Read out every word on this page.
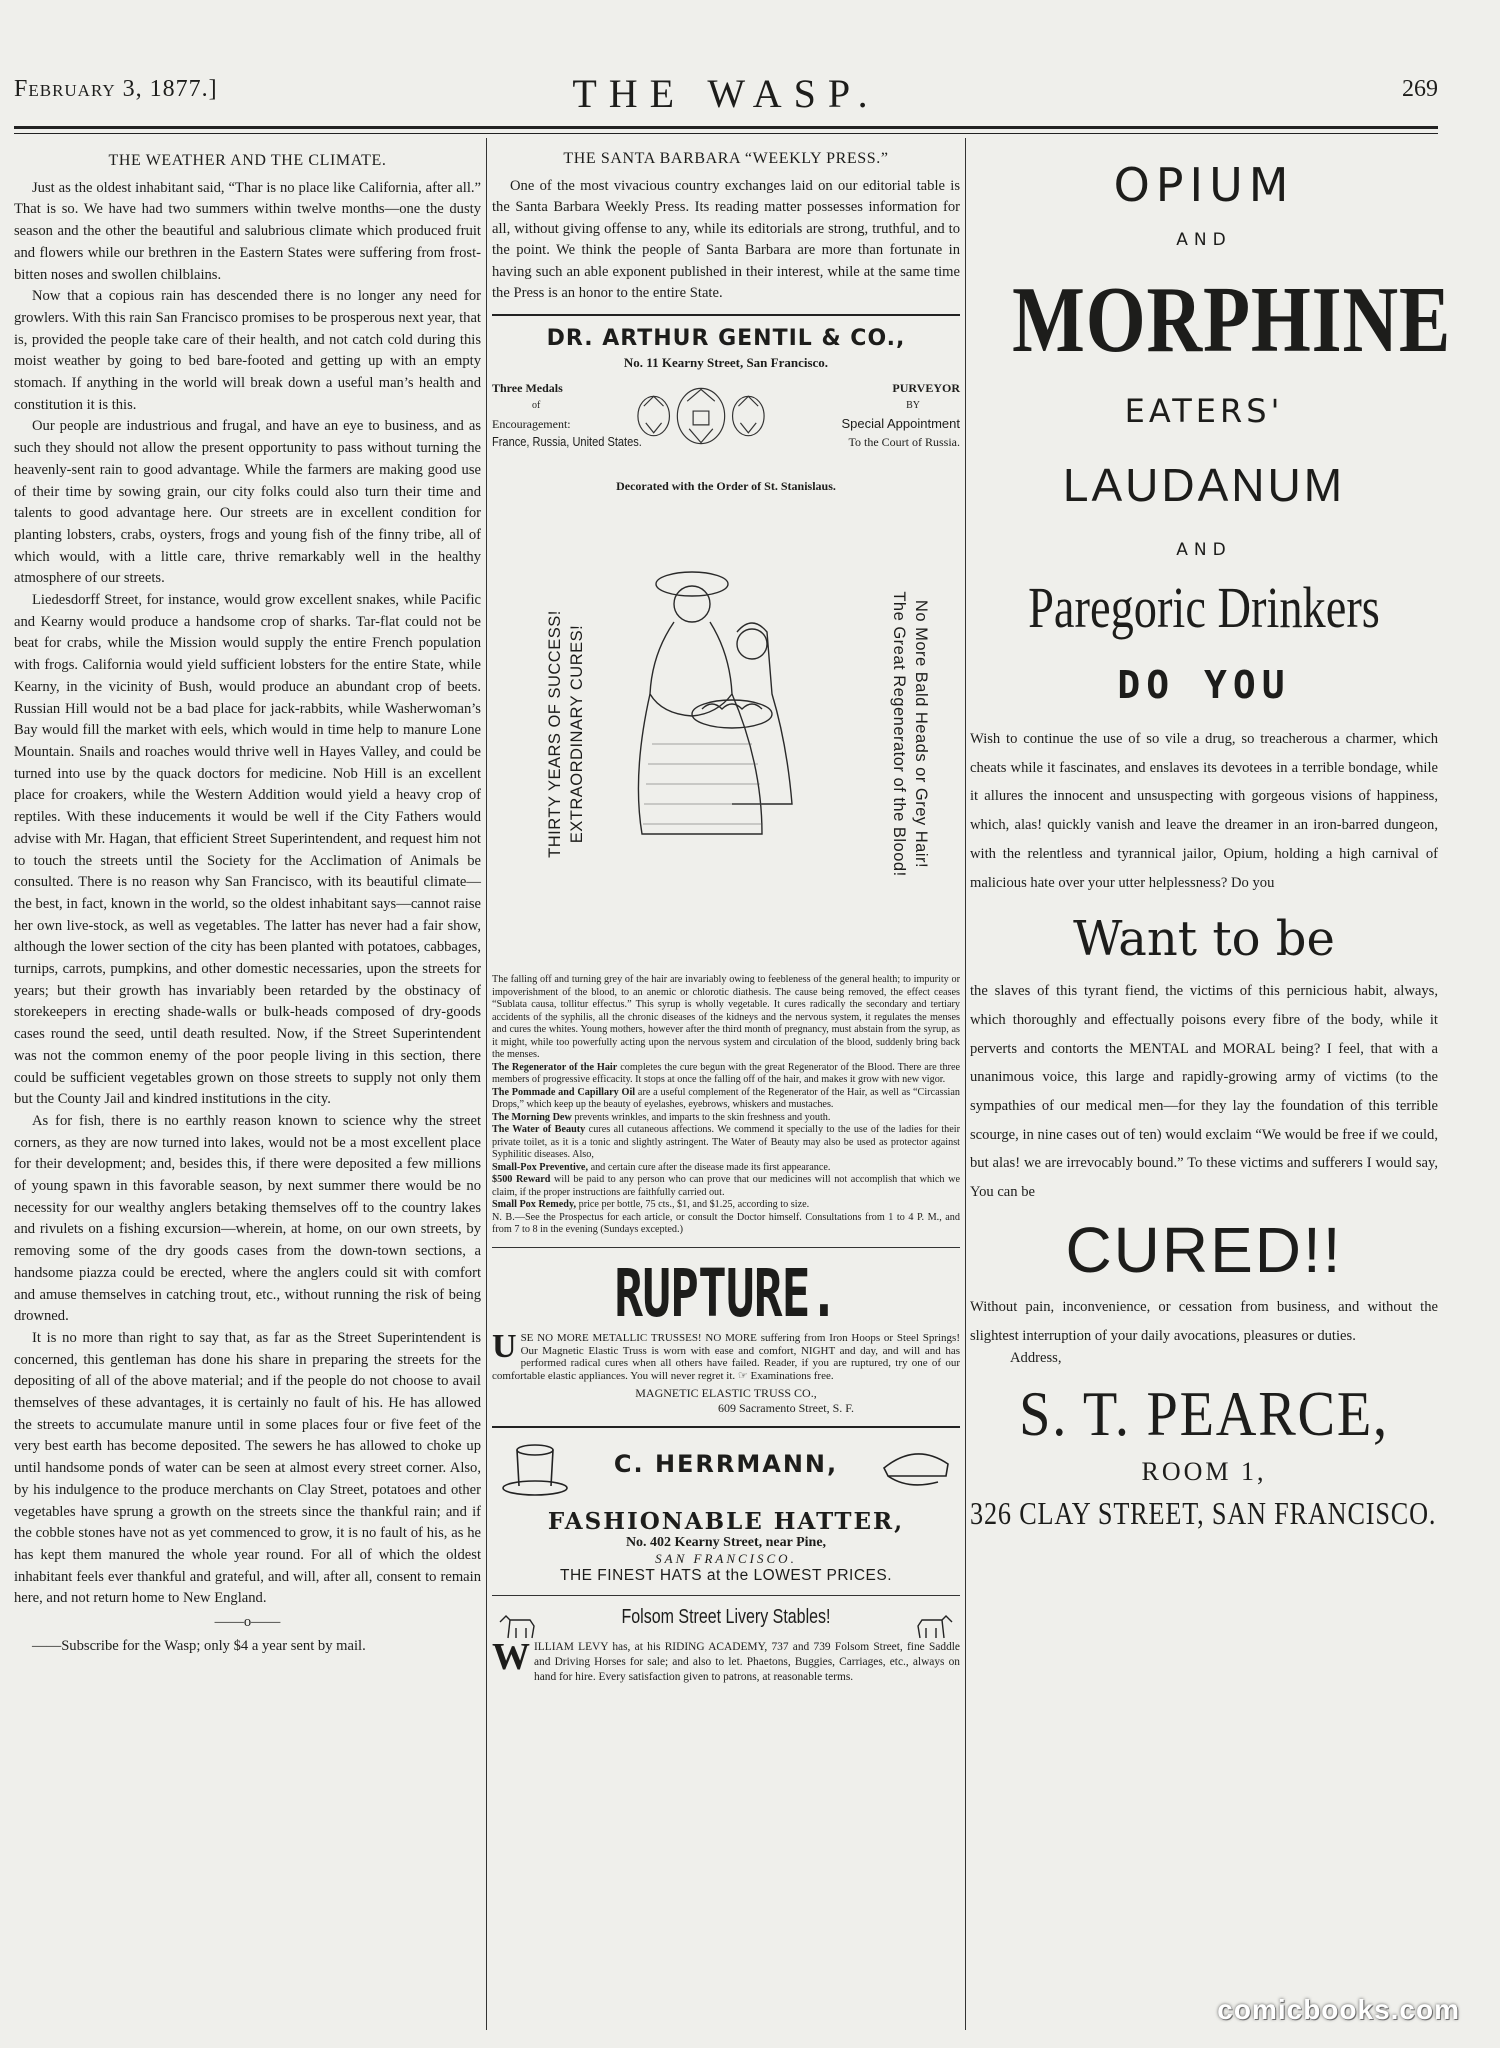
February 3, 1877.]	THE WASP.	269
THE WEATHER AND THE CLIMATE.

Just as the oldest inhabitant said, “Thar is no place like California, after all.” That is so. We have had two summers within twelve months—one the dusty season and the other the beautiful and salubrious climate which produced fruit and flowers while our brethren in the Eastern States were suffering from frost-bitten noses and swollen chilblains.

Now that a copious rain has descended there is no longer any need for growlers. With this rain San Francisco promises to be prosperous next year, that is, provided the people take care of their health, and not catch cold during this moist weather by going to bed bare-footed and getting up with an empty stomach. If anything in the world will break down a useful man’s health and constitution it is this.

Our people are industrious and frugal, and have an eye to business, and as such they should not allow the present opportunity to pass without turning the heavenly-sent rain to good advantage. While the farmers are making good use of their time by sowing grain, our city folks could also turn their time and talents to good advantage here. Our streets are in excellent condition for planting lobsters, crabs, oysters, frogs and young fish of the finny tribe, all of which would, with a little care, thrive remarkably well in the healthy atmosphere of our streets.

Liedesdorff Street, for instance, would grow excellent snakes, while Pacific and Kearny would produce a handsome crop of sharks. Tar-flat could not be beat for crabs, while the Mission would supply the entire French population with frogs. California would yield sufficient lobsters for the entire State, while Kearny, in the vicinity of Bush, would produce an abundant crop of beets. Russian Hill would not be a bad place for jack-rabbits, while Washerwoman’s Bay would fill the market with eels, which would in time help to manure Lone Mountain. Snails and roaches would thrive well in Hayes Valley, and could be turned into use by the quack doctors for medicine. Nob Hill is an excellent place for croakers, while the Western Addition would yield a heavy crop of reptiles. With these inducements it would be well if the City Fathers would advise with Mr. Hagan, that efficient Street Superintendent, and request him not to touch the streets until the Society for the Acclimation of Animals be consulted. There is no reason why San Francisco, with its beautiful climate—the best, in fact, known in the world, so the oldest inhabitant says—cannot raise her own live-stock, as well as vegetables. The latter has never had a fair show, although the lower section of the city has been planted with potatoes, cabbages, turnips, carrots, pumpkins, and other domestic necessaries, upon the streets for years; but their growth has invariably been retarded by the obstinacy of storekeepers in erecting shade-walls or bulk-heads composed of dry-goods cases round the seed, until death resulted. Now, if the Street Superintendent was not the common enemy of the poor people living in this section, there could be sufficient vegetables grown on those streets to supply not only them but the County Jail and kindred institutions in the city.

As for fish, there is no earthly reason known to science why the street corners, as they are now turned into lakes, would not be a most excellent place for their development; and, besides this, if there were deposited a few millions of young spawn in this favorable season, by next summer there would be no necessity for our wealthy anglers betaking themselves off to the country lakes and rivulets on a fishing excursion—wherein, at home, on our own streets, by removing some of the dry goods cases from the down-town sections, a handsome piazza could be erected, where the anglers could sit with comfort and amuse themselves in catching trout, etc., without running the risk of being drowned.

It is no more than right to say that, as far as the Street Superintendent is concerned, this gentleman has done his share in preparing the streets for the depositing of all of the above material; and if the people do not choose to avail themselves of these advantages, it is certainly no fault of his. He has allowed the streets to accumulate manure until in some places four or five feet of the very best earth has become deposited. The sewers he has allowed to choke up until handsome ponds of water can be seen at almost every street corner. Also, by his indulgence to the produce merchants on Clay Street, potatoes and other vegetables have sprung a growth on the streets since the thankful rain; and if the cobble stones have not as yet commenced to grow, it is no fault of his, as he has kept them manured the whole year round. For all of which the oldest inhabitant feels ever thankful and grateful, and will, after all, consent to remain here, and not return home to New England.

——o——

——Subscribe for the Wasp; only $4 a year sent by mail.

THE SANTA BARBARA “WEEKLY PRESS.”

One of the most vivacious country exchanges laid on our editorial table is the Santa Barbara Weekly Press. Its reading matter possesses information for all, without giving offense to any, while its editorials are strong, truthful, and to the point. We think the people of Santa Barbara are more than fortunate in having such an able exponent published in their interest, while at the same time the Press is an honor to the entire State.

DR. ARTHUR GENTIL & CO.,
No. 11 Kearny Street, San Francisco.
Three Medals
of
Encouragement:
France, Russia, United States.
PURVEYOR
BY
Special Appointment
To the Court of Russia.
Decorated with the Order of St. Stanislaus.
THIRTY YEARS OF SUCCESS! EXTRAORDINARY CURES!	No More Bald Heads or Grey Hair!
The Great Regenerator of the Blood!

The falling off and turning grey of the hair are invariably owing to feebleness of the general health; to impurity or impoverishment of the blood, to an anemic or chlorotic diathesis. The cause being removed, the effect ceases “Sublata causa, tollitur effectus.” This syrup is wholly vegetable. It cures radically the secondary and tertiary accidents of the syphilis, all the chronic diseases of the kidneys and the nervous system, it regulates the menses and cures the whites. Young mothers, however after the third month of pregnancy, must abstain from the syrup, as it might, while too powerfully acting upon the nervous system and circulation of the blood, suddenly bring back the menses.

The Regenerator of the Hair completes the cure begun with the great Regenerator of the Blood. There are three members of progressive efficacity. It stops at once the falling off of the hair, and makes it grow with new vigor.

The Pommade and Capillary Oil are a useful complement of the Regenerator of the Hair, as well as “Circassian Drops,” which keep up the beauty of eyelashes, eyebrows, whiskers and mustaches.

The Morning Dew prevents wrinkles, and imparts to the skin freshness and youth.

The Water of Beauty cures all cutaneous affections. We commend it specially to the use of the ladies for their private toilet, as it is a tonic and slightly astringent. The Water of Beauty may also be used as protector against Syphilitic diseases. Also,

Small-Pox Preventive, and certain cure after the disease made its first appearance.

$500 Reward will be paid to any person who can prove that our medicines will not accomplish that which we claim, if the proper instructions are faithfully carried out.

Small Pox Remedy, price per bottle, 75 cts., $1, and $1.25, according to size.

N. B.—See the Prospectus for each article, or consult the Doctor himself. Consultations from 1 to 4 P. M., and from 7 to 8 in the evening (Sundays excepted.)

RUPTURE.
USE NO MORE METALLIC TRUSSES! NO MORE suffering from Iron Hoops or Steel Springs! Our Magnetic Elastic Truss is worn with ease and comfort, NIGHT and day, and will and has performed radical cures when all others have failed. Reader, if you are ruptured, try one of our comfortable elastic appliances. You will never regret it. ☞ Examinations free.
MAGNETIC ELASTIC TRUSS CO.,
609 Sacramento Street, S. F.
C. HERRMANN,
FASHIONABLE HATTER,
No. 402 Kearny Street, near Pine,
SAN FRANCISCO.
THE FINEST HATS at the LOWEST PRICES.
Folsom Street Livery Stables!
WILLIAM LEVY has, at his RIDING ACADEMY, 737 and 739 Folsom Street, fine Saddle and Driving Horses for sale; and also to let. Phaetons, Buggies, Carriages, etc., always on hand for hire. Every satisfaction given to patrons, at reasonable terms.
OPIUM
AND
MORPHINE
EATERS'
LAUDANUM
AND
Paregoric Drinkers
DO YOU

Wish to continue the use of so vile a drug, so treacherous a charmer, which cheats while it fascinates, and enslaves its devotees in a terrible bondage, while it allures the innocent and unsuspecting with gorgeous visions of happiness, which, alas! quickly vanish and leave the dreamer in an iron-barred dungeon, with the relentless and tyrannical jailor, Opium, holding a high carnival of malicious hate over your utter helplessness? Do you

Want to be

the slaves of this tyrant fiend, the victims of this pernicious habit, always, which thoroughly and effectually poisons every fibre of the body, while it perverts and contorts the MENTAL and MORAL being? I feel, that with a unanimous voice, this large and rapidly-growing army of victims (to the sympathies of our medical men—for they lay the foundation of this terrible scourge, in nine cases out of ten) would exclaim “We would be free if we could, but alas! we are irrevocably bound.” To these victims and sufferers I would say, You can be

CURED!!

Without pain, inconvenience, or cessation from business, and without the slightest interruption of your daily avocations, pleasures or duties.

Address,
S. T. PEARCE,
ROOM 1,
326 CLAY STREET, SAN FRANCISCO.
comicbooks.com
